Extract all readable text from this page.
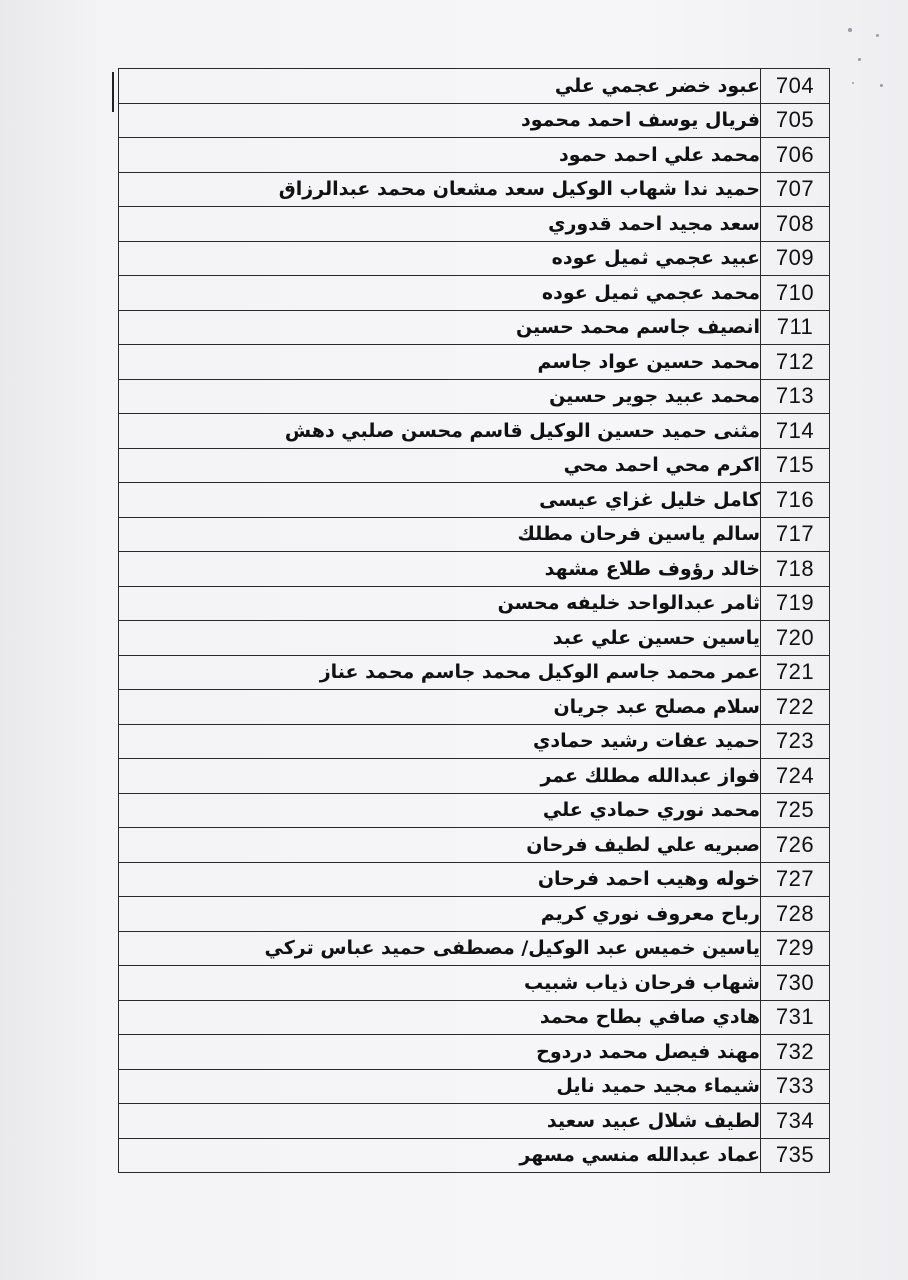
704	عبود خضر عجمي علي
705	فريال يوسف احمد محمود
706	محمد علي احمد حمود
707	حميد ندا شهاب الوكيل سعد مشعان محمد عبدالرزاق
708	سعد مجيد احمد قدوري
709	عبيد عجمي ثميل عوده
710	محمد عجمي ثميل عوده
711	انصيف جاسم محمد حسين
712	محمد حسين عواد جاسم
713	محمد عبيد جوير حسين
714	مثنى حميد حسين الوكيل قاسم محسن صلبي دهش
715	اكرم محي احمد محي
716	كامل خليل غزاي عيسى
717	سالم ياسين فرحان مطلك
718	خالد رؤوف طلاع مشهد
719	ثامر عبدالواحد خليفه محسن
720	ياسين حسين علي عبد
721	عمر محمد جاسم الوكيل محمد جاسم محمد عناز
722	سلام مصلح عبد جريان
723	حميد عفات رشيد حمادي
724	فواز عبدالله مطلك عمر
725	محمد نوري حمادي علي
726	صبريه علي لطيف فرحان
727	خوله وهيب احمد فرحان
728	رباح معروف نوري كريم
729	ياسين خميس عبد الوكيل/ مصطفى حميد عباس تركي
730	شهاب فرحان ذياب شبيب
731	هادي صافي بطاح محمد
732	مهند فيصل محمد دردوح
733	شيماء مجيد حميد نايل
734	لطيف شلال عبيد سعيد
735	عماد عبدالله منسي مسهر
